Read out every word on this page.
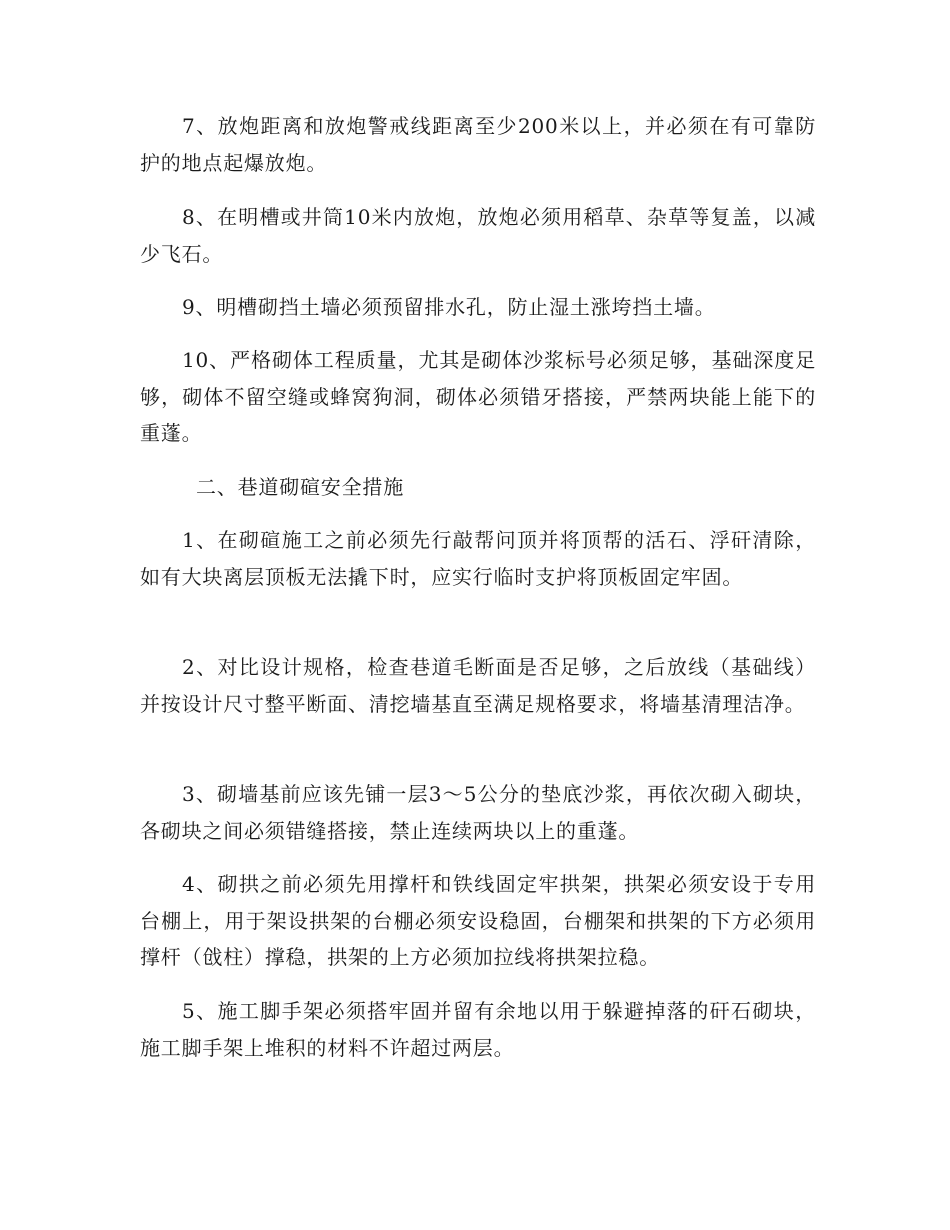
7、放炮距离和放炮警戒线距离至少200米以上，并必须在有可靠防护的地点起爆放炮。

8、在明槽或井筒10米内放炮，放炮必须用稻草、杂草等复盖，以减少飞石。

9、明槽砌挡土墙必须预留排水孔，防止湿土涨垮挡土墙。

10、严格砌体工程质量，尤其是砌体沙浆标号必须足够，基础深度足够，砌体不留空缝或蜂窝狗洞，砌体必须错牙搭接，严禁两块能上能下的重蓬。

二、巷道砌碹安全措施

1、在砌碹施工之前必须先行敲帮问顶并将顶帮的活石、浮矸清除，如有大块离层顶板无法撬下时，应实行临时支护将顶板固定牢固。

2、对比设计规格，检查巷道毛断面是否足够，之后放线（基础线）并按设计尺寸整平断面、清挖墙基直至满足规格要求，将墙基清理洁净。

3、砌墙基前应该先铺一层3～5公分的垫底沙浆，再依次砌入砌块，各砌块之间必须错缝搭接，禁止连续两块以上的重蓬。

4、砌拱之前必须先用撑杆和铁线固定牢拱架，拱架必须安设于专用台棚上，用于架设拱架的台棚必须安设稳固，台棚架和拱架的下方必须用撑杆（戗柱）撑稳，拱架的上方必须加拉线将拱架拉稳。

5、施工脚手架必须搭牢固并留有余地以用于躲避掉落的矸石砌块，施工脚手架上堆积的材料不许超过两层。
